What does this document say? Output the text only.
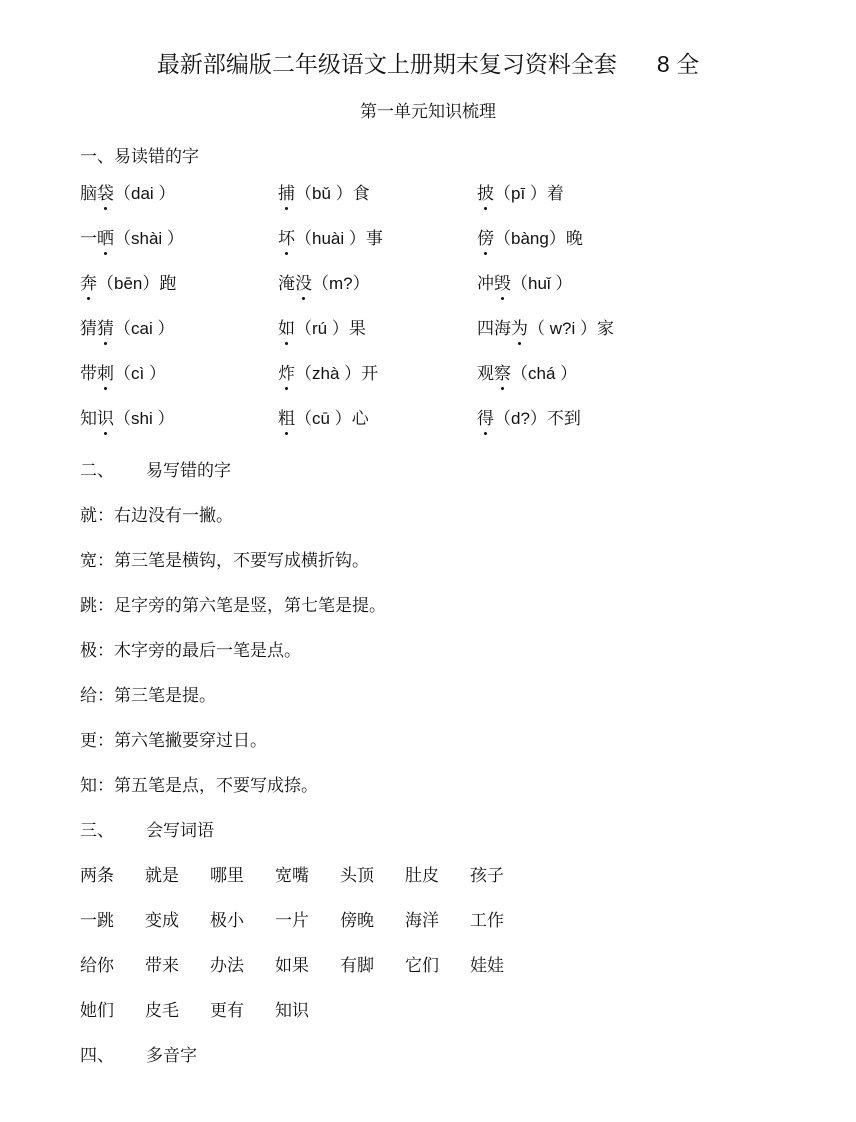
最新部编版二年级语文上册期末复习资料全套 8 全
第一单元知识梳理
一、易读错的字
脑袋（dai ）	捕（bǔ ）食	披（pī ）着
一晒（shài ）	坏（huài ）事	傍（bàng）晚
奔（bēn）跑	淹没（m?）	冲毁（huǐ ）
猜猜（cai ）	如（rú ）果	四海为（ w?i ）家
带刺（cì ）	炸（zhà ）开	观察（chá ）
知识（shi ）	粗（cū ）心	得（d?）不到
二、 易写错的字
就：右边没有一撇。
宽：第三笔是横钩，不要写成横折钩。
跳：足字旁的第六笔是竖，第七笔是提。
极：木字旁的最后一笔是点。
给：第三笔是提。
更：第六笔撇要穿过日。
知：第五笔是点，不要写成捺。
三、 会写词语
两条 就是 哪里 宽嘴 头顶 肚皮 孩子
一跳 变成 极小 一片 傍晚 海洋 工作
给你 带来 办法 如果 有脚 它们 娃娃
她们 皮毛 更有 知识
四、 多音字
